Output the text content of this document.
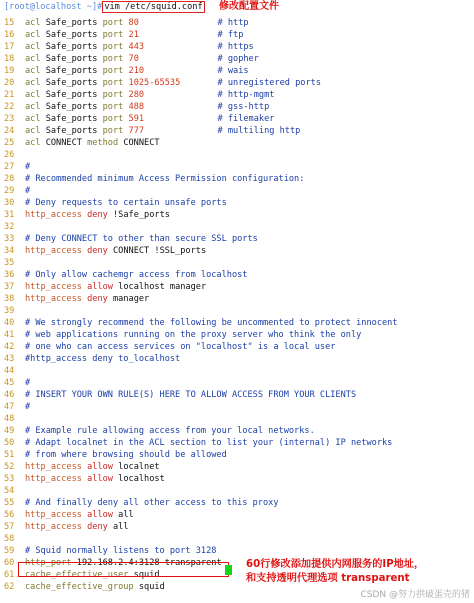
[root@localhost ~]# vim /etc/squid.conf 修改配置文件
15 acl Safe_ports port 80	# http
16 acl Safe_ports port 21	# ftp
17 acl Safe_ports port 443	# https
18 acl Safe_ports port 70	# gopher
19 acl Safe_ports port 210	# wais
20 acl Safe_ports port 1025-65535	# unregistered ports
21 acl Safe_ports port 280	# http-mgmt
22 acl Safe_ports port 488	# gss-http
23 acl Safe_ports port 591	# filemaker
24 acl Safe_ports port 777	# multiling http
25 acl CONNECT method CONNECT
26
27 #
28 # Recommended minimum Access Permission configuration:
29 #
30 # Deny requests to certain unsafe ports
31 http_access deny !Safe_ports
32
33 # Deny CONNECT to other than secure SSL ports
34 http_access deny CONNECT !SSL_ports
35
36 # Only allow cachemgr access from localhost
37 http_access allow localhost manager
38 http_access deny manager
39
40 # We strongly recommend the following be uncommented to protect innocent
41 # web applications running on the proxy server who think the only
42 # one who can access services on "localhost" is a local user
43 #http_access deny to_localhost
44
45 #
46 # INSERT YOUR OWN RULE(S) HERE TO ALLOW ACCESS FROM YOUR CLIENTS
47 #
48
49 # Example rule allowing access from your local networks.
50 # Adapt localnet in the ACL section to list your (internal) IP networks
51 # from where browsing should be allowed
52 http_access allow localnet
53 http_access allow localhost
54
55 # And finally deny all other access to this proxy
56 http_access allow all
57 http_access deny all
58
59 # Squid normally listens to port 3128
60 http_port 192.168.2.4:3128 transparent
61 cache_effective_user squid
62 cache_effective_group squid
60行修改添加提供内网服务的IP地址，
和支持透明代理选项 transparent
CSDN @努力拱破蛋壳的猪
